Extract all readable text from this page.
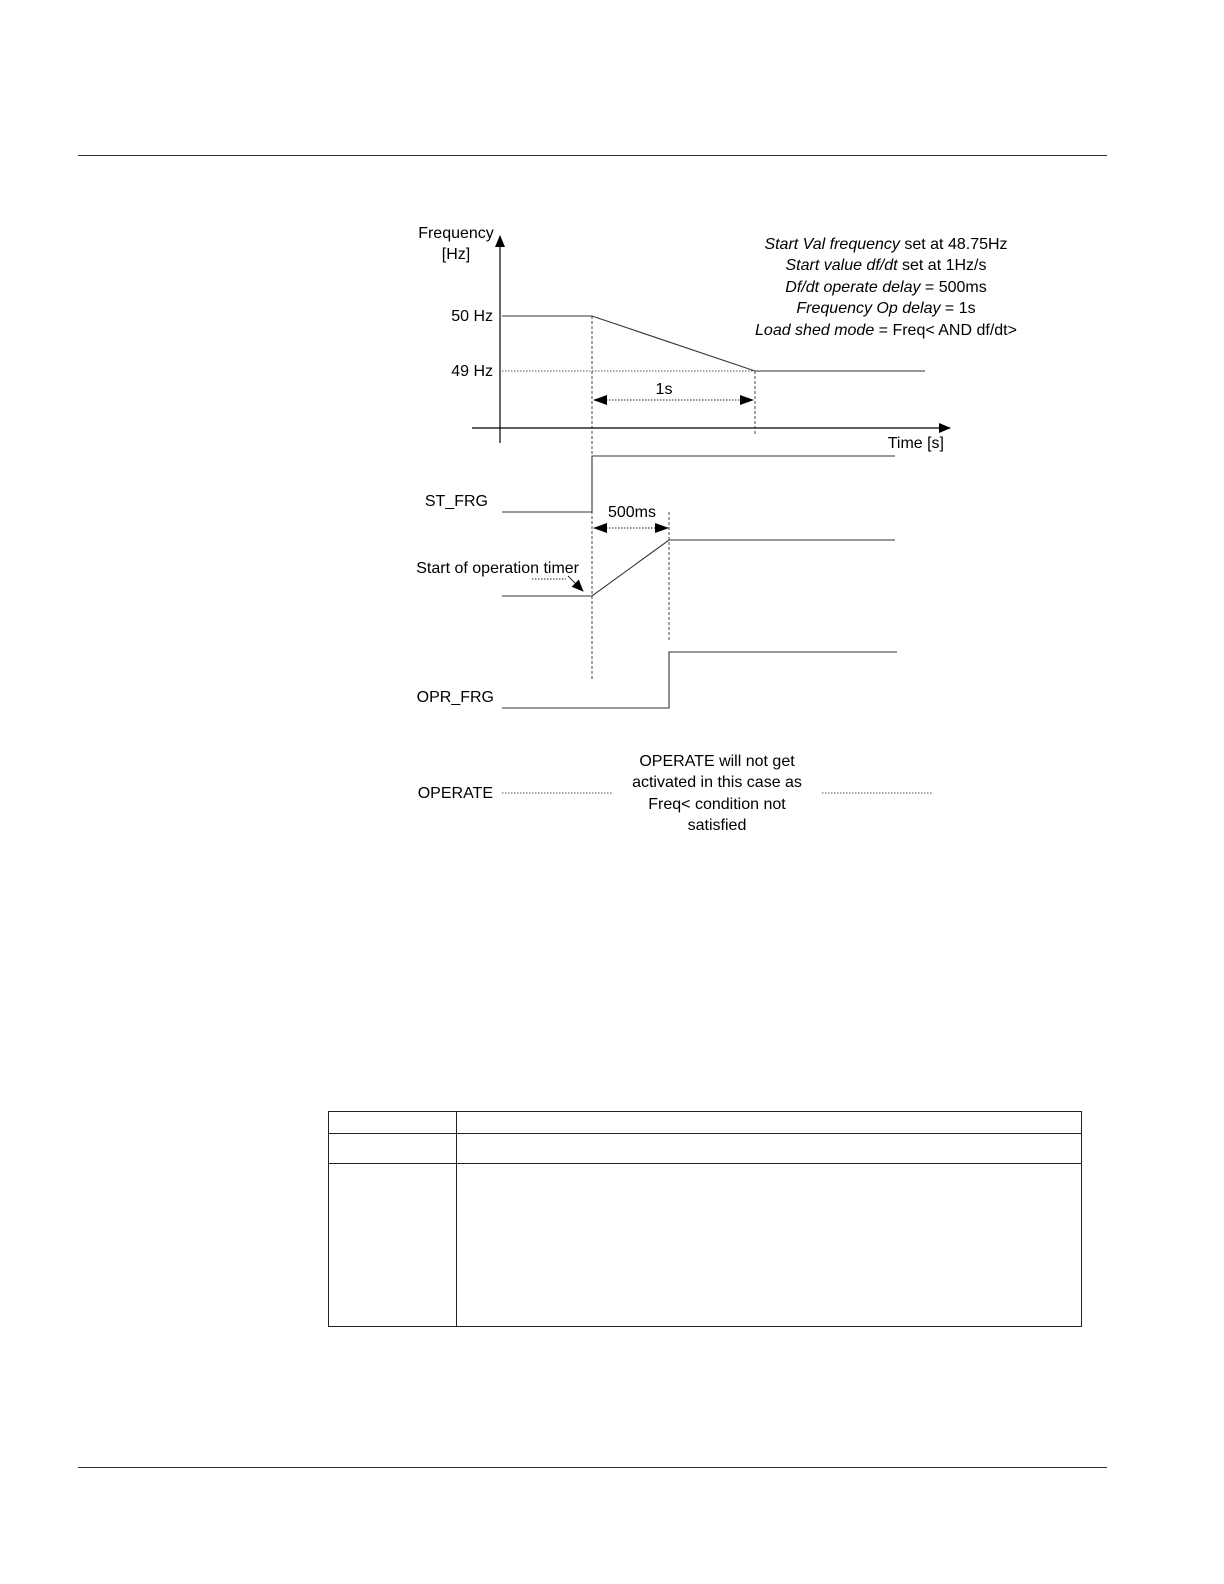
Frequency
[Hz]
Time [s]
50 Hz
49 Hz
Start Val frequency set at 48.75Hz
Start value df/dt set at 1Hz/s
Df/dt operate delay = 500ms
Frequency Op delay = 1s
Load shed mode = Freq< AND df/dt>
1s
ST_FRG
500ms
Start of operation timer
OPR_FRG
OPERATE
OPERATE will not get
activated in this case as
Freq< condition not
satisfied
